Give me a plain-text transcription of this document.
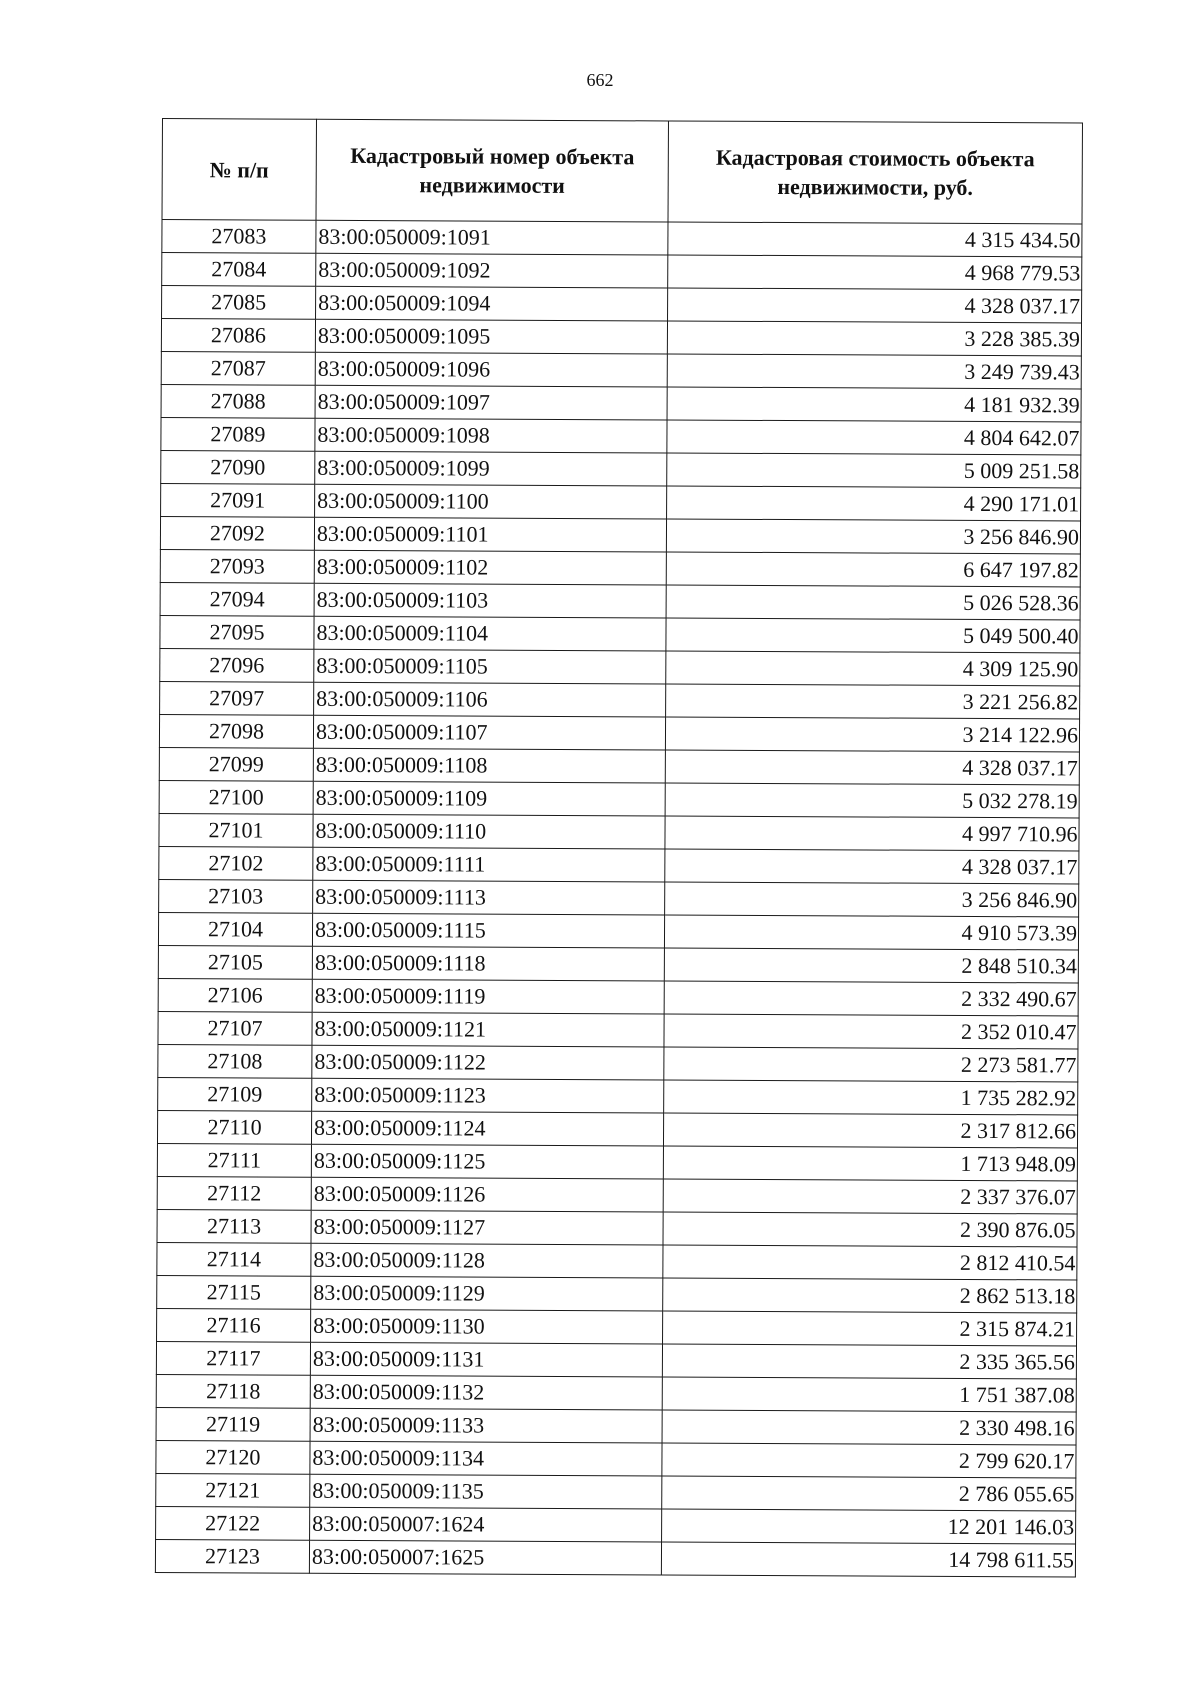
662
№ п/п	Кадастровый номер объекта недвижимости	Кадастровая стоимость объекта недвижимости, руб.
27083	83:00:050009:1091	4 315 434.50
27084	83:00:050009:1092	4 968 779.53
27085	83:00:050009:1094	4 328 037.17
27086	83:00:050009:1095	3 228 385.39
27087	83:00:050009:1096	3 249 739.43
27088	83:00:050009:1097	4 181 932.39
27089	83:00:050009:1098	4 804 642.07
27090	83:00:050009:1099	5 009 251.58
27091	83:00:050009:1100	4 290 171.01
27092	83:00:050009:1101	3 256 846.90
27093	83:00:050009:1102	6 647 197.82
27094	83:00:050009:1103	5 026 528.36
27095	83:00:050009:1104	5 049 500.40
27096	83:00:050009:1105	4 309 125.90
27097	83:00:050009:1106	3 221 256.82
27098	83:00:050009:1107	3 214 122.96
27099	83:00:050009:1108	4 328 037.17
27100	83:00:050009:1109	5 032 278.19
27101	83:00:050009:1110	4 997 710.96
27102	83:00:050009:1111	4 328 037.17
27103	83:00:050009:1113	3 256 846.90
27104	83:00:050009:1115	4 910 573.39
27105	83:00:050009:1118	2 848 510.34
27106	83:00:050009:1119	2 332 490.67
27107	83:00:050009:1121	2 352 010.47
27108	83:00:050009:1122	2 273 581.77
27109	83:00:050009:1123	1 735 282.92
27110	83:00:050009:1124	2 317 812.66
27111	83:00:050009:1125	1 713 948.09
27112	83:00:050009:1126	2 337 376.07
27113	83:00:050009:1127	2 390 876.05
27114	83:00:050009:1128	2 812 410.54
27115	83:00:050009:1129	2 862 513.18
27116	83:00:050009:1130	2 315 874.21
27117	83:00:050009:1131	2 335 365.56
27118	83:00:050009:1132	1 751 387.08
27119	83:00:050009:1133	2 330 498.16
27120	83:00:050009:1134	2 799 620.17
27121	83:00:050009:1135	2 786 055.65
27122	83:00:050007:1624	12 201 146.03
27123	83:00:050007:1625	14 798 611.55
